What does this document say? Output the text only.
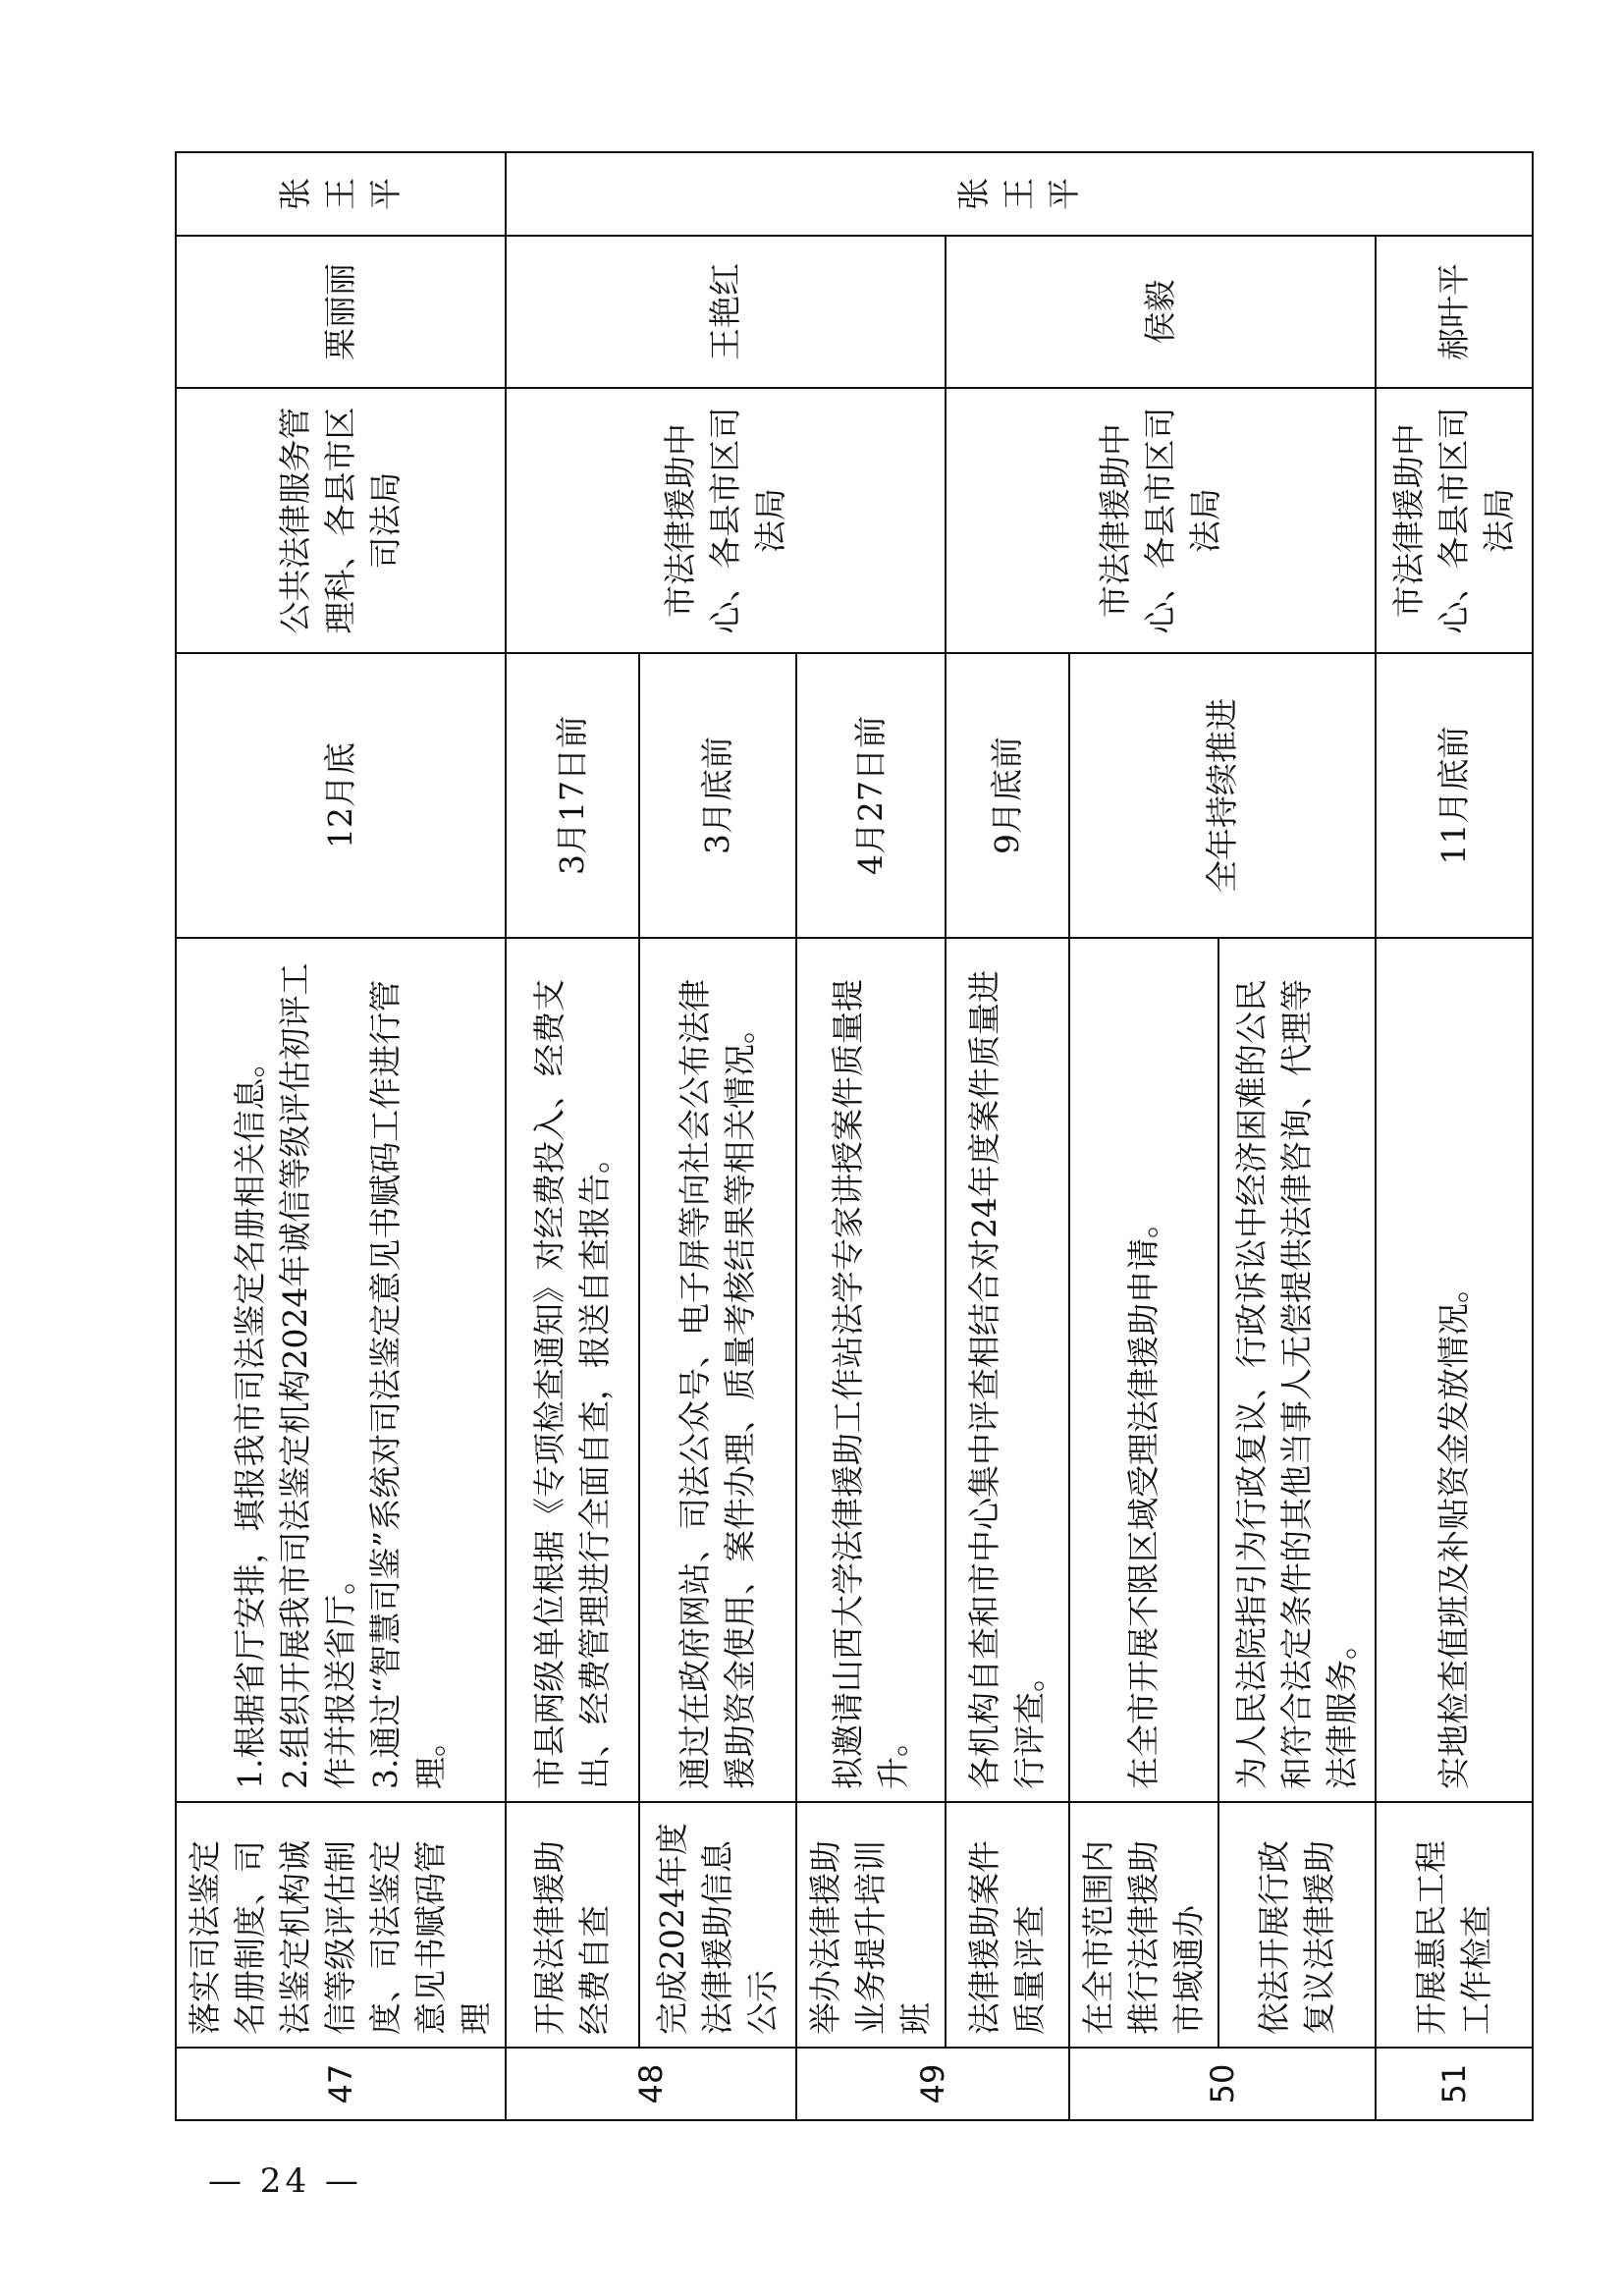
47	落实司法鉴定名册制度、司法鉴定机构诚信等级评估制度、司法鉴定意见书赋码管理	1.根据省厅安排，填报我市司法鉴定名册相关信息。 2.组织开展我市司法鉴定机构2024年诚信等级评估初评工作并报送省厅。 3.通过“智慧司鉴”系统对司法鉴定意见书赋码工作进行管理。	12月底	公共法律服务管理科、各县市区司法局	栗丽丽	张王平
48	开展法律援助经费自查	市县两级单位根据《专项检查通知》对经费投入、经费支出、经费管理进行全面自查，报送自查报告。	3月17日前	市法律援助中心、各县市区司法局	王艳红	张王平
	完成2024年度法律援助信息公示	通过在政府网站、司法公众号、电子屏等向社会公布法律援助资金使用、案件办理、质量考核结果等相关情况。	3月底前			
49	举办法律援助业务提升培训班	拟邀请山西大学法律援助工作站法学专家讲授案件质量提升。	4月27日前			
	法律援助案件质量评查	各机构自查和市中心集中评查相结合对24年度案件质量进行评查。	9月底前	市法律援助中心、各县市区司法局	侯毅	
50	在全市范围内推行法律援助市域通办	在全市开展不限区域受理法律援助申请。	全年持续推进			
	依法开展行政复议法律援助	为人民法院指引为行政复议、行政诉讼中经济困难的公民和符合法定条件的其他当事人无偿提供法律咨询、代理等法律服务。				
51	开展惠民工程工作检查	实地检查值班及补贴资金发放情况。	11月底前	市法律援助中心、各县市区司法局	郝叶平	
— 24 —
